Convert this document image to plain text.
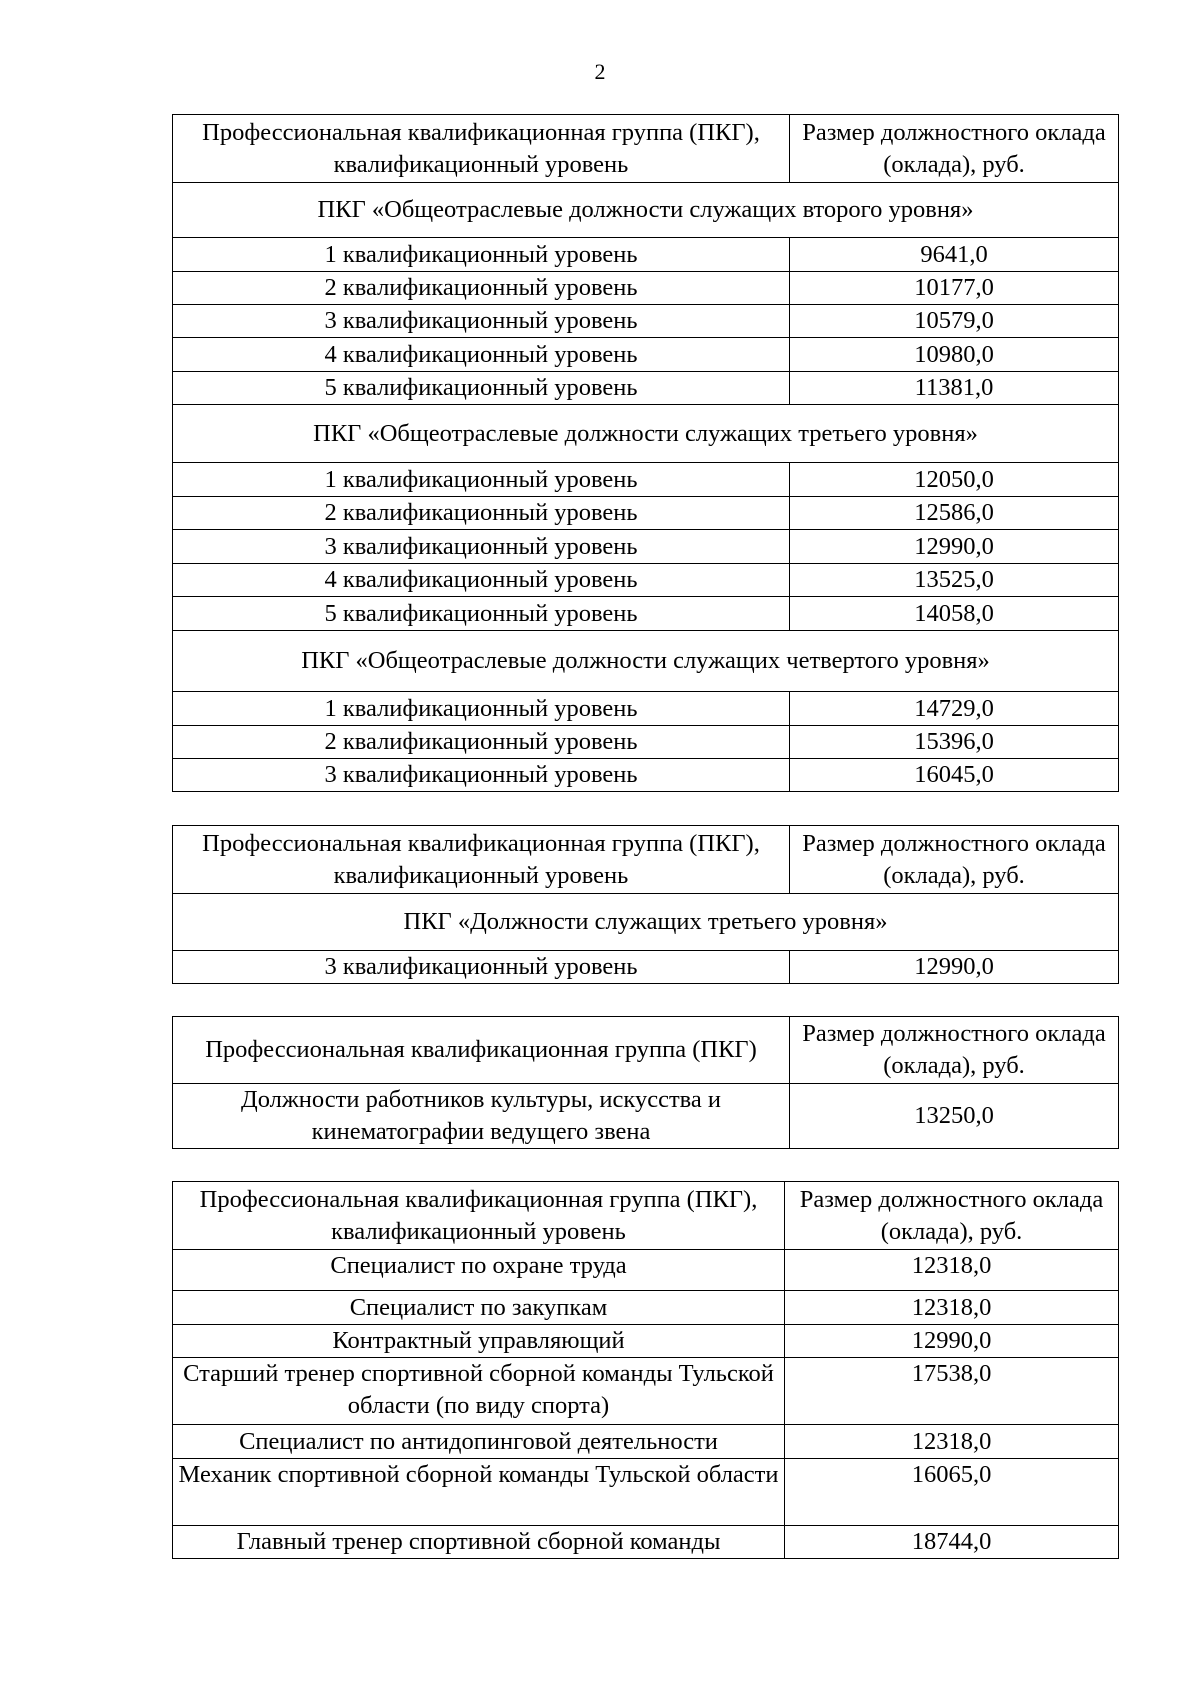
2
Профессиональная квалификационная группа (ПКГ), квалификационный уровень	Размер должностного оклада (оклада), руб.
ПКГ «Общеотраслевые должности служащих второго уровня»	
1 квалификационный уровень	9641,0
2 квалификационный уровень	10177,0
3 квалификационный уровень	10579,0
4 квалификационный уровень	10980,0
5 квалификационный уровень	11381,0
ПКГ «Общеотраслевые должности служащих третьего уровня»	
1 квалификационный уровень	12050,0
2 квалификационный уровень	12586,0
3 квалификационный уровень	12990,0
4 квалификационный уровень	13525,0
5 квалификационный уровень	14058,0
ПКГ «Общеотраслевые должности служащих четвертого уровня»	
1 квалификационный уровень	14729,0
2 квалификационный уровень	15396,0
3 квалификационный уровень	16045,0
Профессиональная квалификационная группа (ПКГ), квалификационный уровень	Размер должностного оклада (оклада), руб.
ПКГ «Должности служащих третьего уровня»	
3 квалификационный уровень	12990,0
Профессиональная квалификационная группа (ПКГ)	Размер должностного оклада (оклада), руб.
Должности работников культуры, искусства и кинематографии ведущего звена	13250,0
Профессиональная квалификационная группа (ПКГ), квалификационный уровень	Размер должностного оклада (оклада), руб.
Специалист по охране труда	12318,0
Специалист по закупкам	12318,0
Контрактный управляющий	12990,0
Старший тренер спортивной сборной команды Тульской области (по виду спорта)	17538,0
Специалист по антидопинговой деятельности	12318,0
Механик спортивной сборной команды Тульской области	16065,0
Главный тренер спортивной сборной команды	18744,0
